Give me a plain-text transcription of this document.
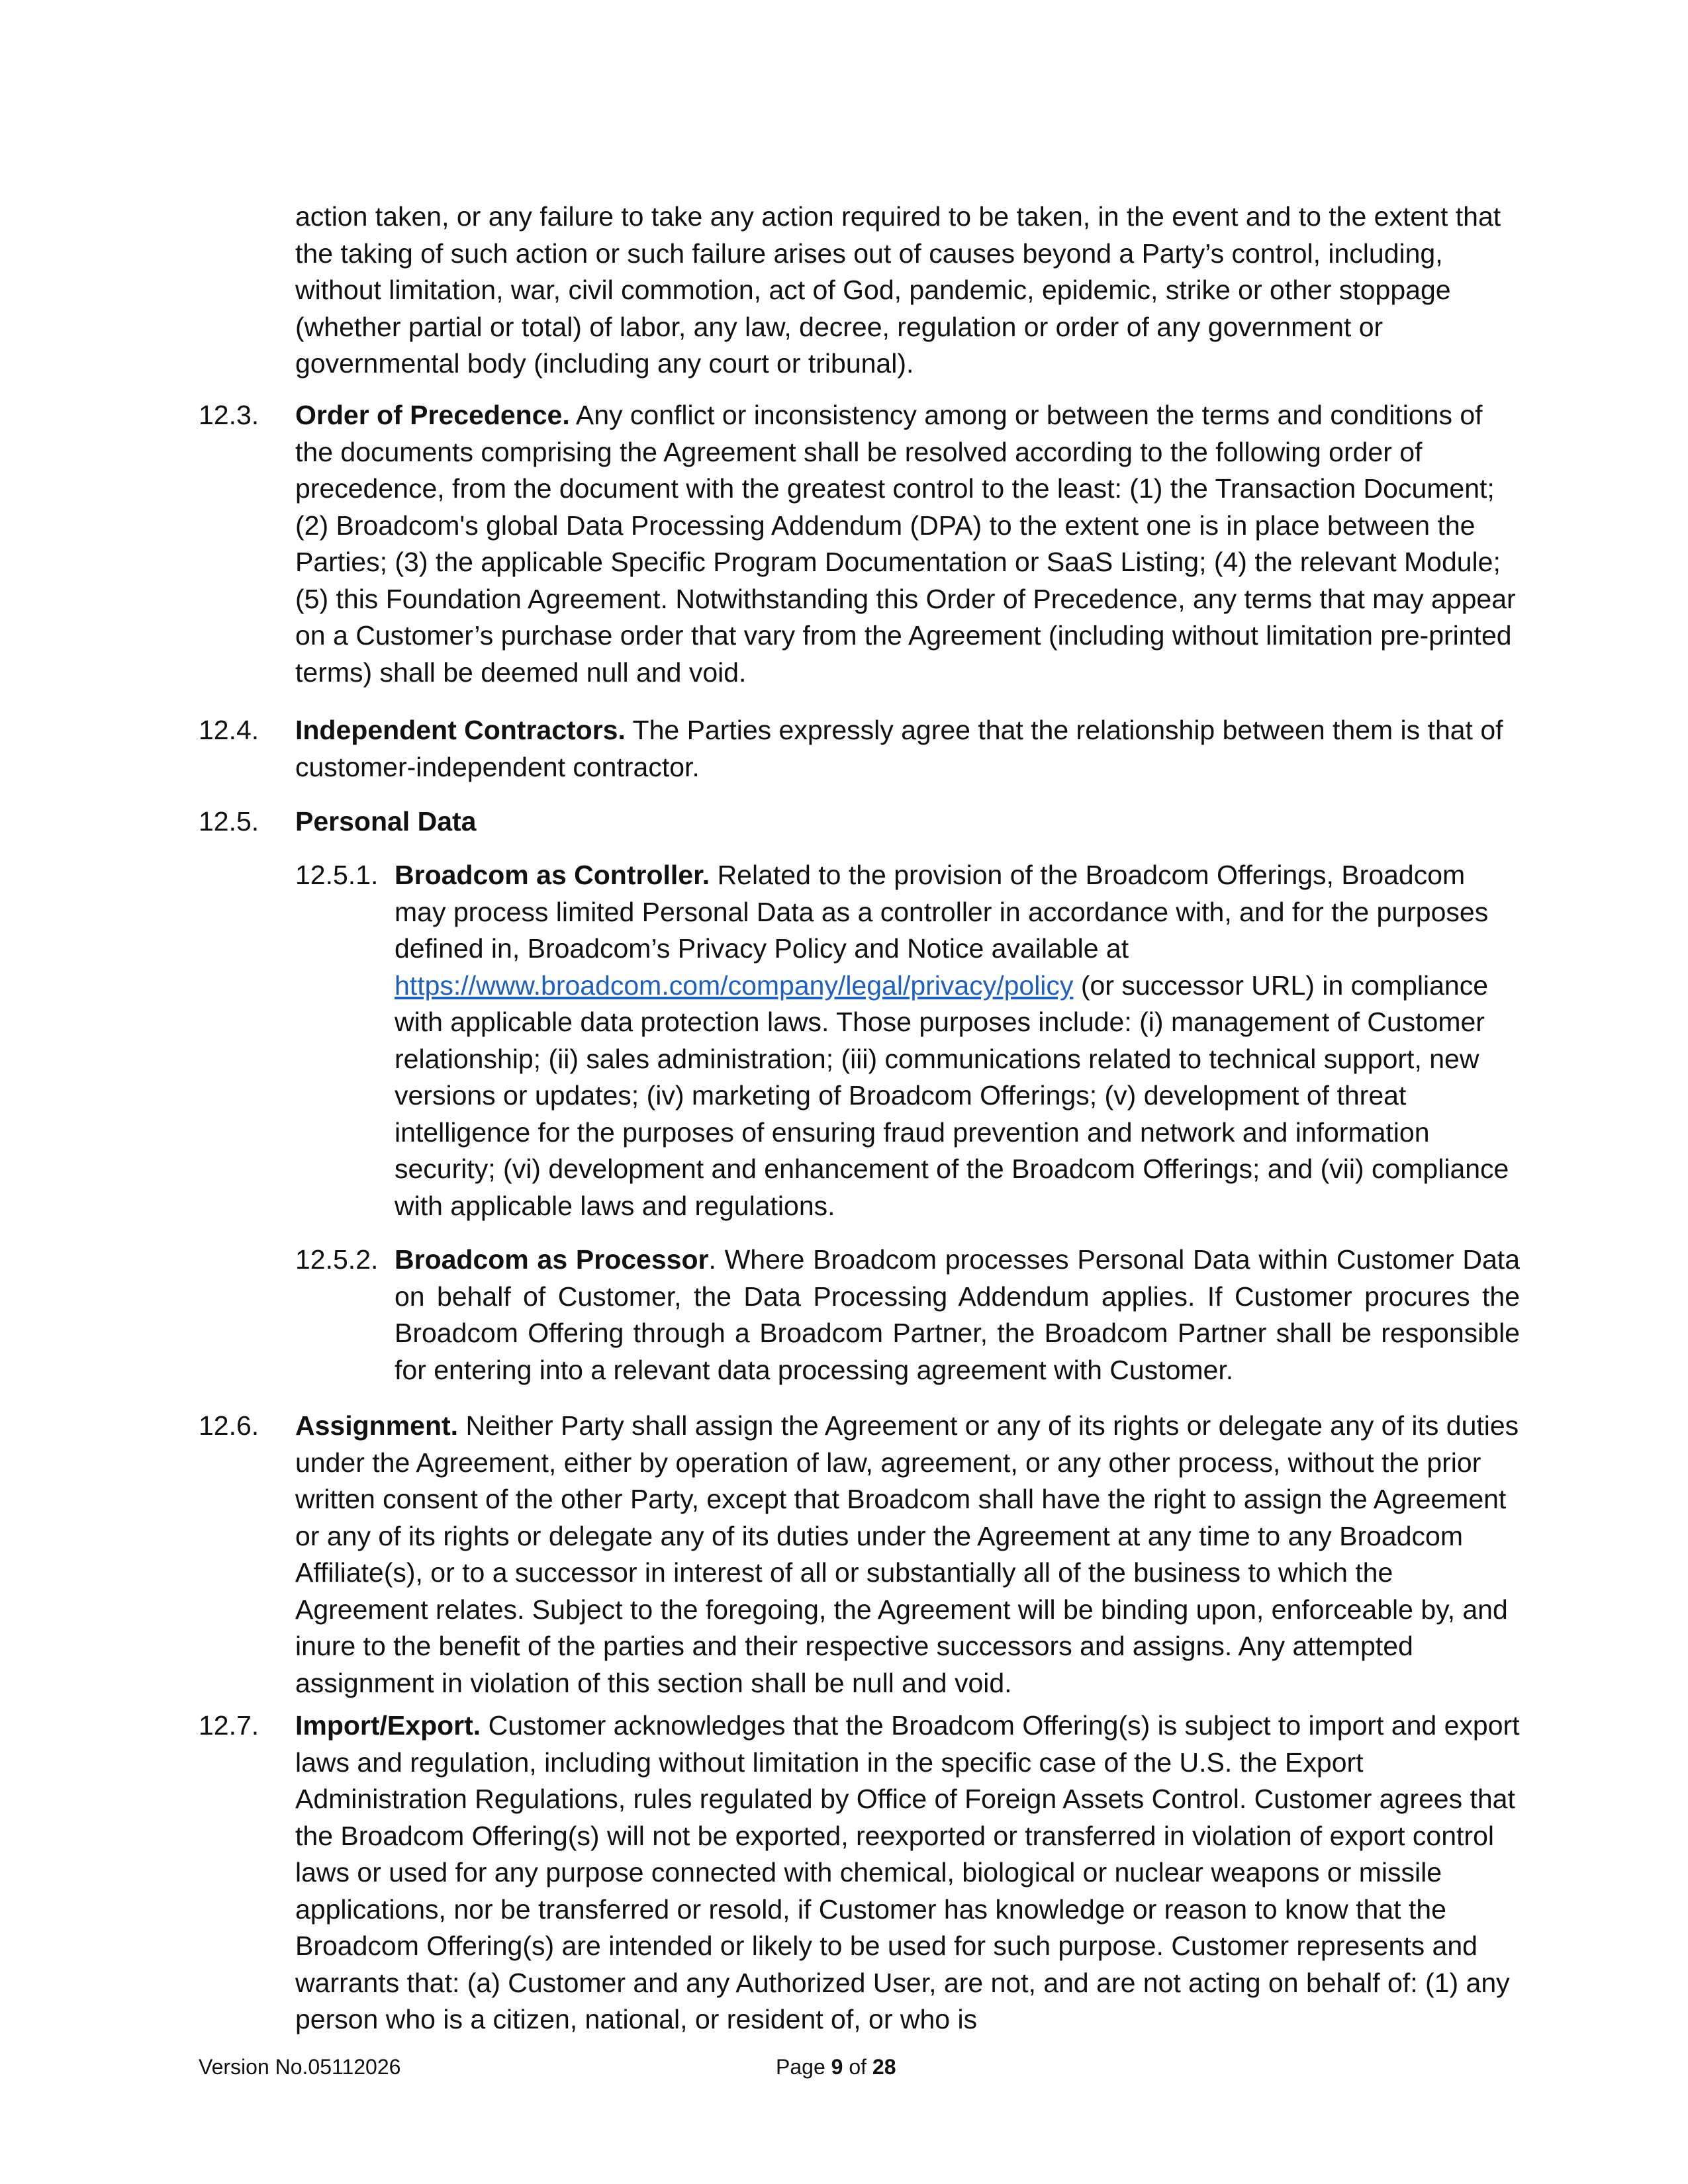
action taken, or any failure to take any action required to be taken, in the event and to the extent that the taking of such action or such failure arises out of causes beyond a Party’s control, including, without limitation, war, civil commotion, act of God, pandemic, epidemic, strike or other stoppage (whether partial or total) of labor, any law, decree, regulation or order of any government or governmental body (including any court or tribunal).

12.3. Order of Precedence. Any conflict or inconsistency among or between the terms and conditions of the documents comprising the Agreement shall be resolved according to the following order of precedence, from the document with the greatest control to the least: (1) the Transaction Document; (2) Broadcom's global Data Processing Addendum (DPA) to the extent one is in place between the Parties; (3) the applicable Specific Program Documentation or SaaS Listing; (4) the relevant Module; (5) this Foundation Agreement. Notwithstanding this Order of Precedence, any terms that may appear on a Customer’s purchase order that vary from the Agreement (including without limitation pre-printed terms) shall be deemed null and void.
12.4. Independent Contractors. The Parties expressly agree that the relationship between them is that of customer-independent contractor.
12.5. Personal Data
12.5.1. Broadcom as Controller. Related to the provision of the Broadcom Offerings, Broadcom may process limited Personal Data as a controller in accordance with, and for the purposes defined in, Broadcom’s Privacy Policy and Notice available at https://www.broadcom.com/company/legal/privacy/policy (or successor URL) in compliance with applicable data protection laws. Those purposes include: (i) management of Customer relationship; (ii) sales administration; (iii) communications related to technical support, new versions or updates; (iv) marketing of Broadcom Offerings; (v) development of threat intelligence for the purposes of ensuring fraud prevention and network and information security; (vi) development and enhancement of the Broadcom Offerings; and (vii) compliance with applicable laws and regulations.
12.5.2. Broadcom as Processor. Where Broadcom processes Personal Data within Customer Data on behalf of Customer, the Data Processing Addendum applies. If Customer procures the Broadcom Offering through a Broadcom Partner, the Broadcom Partner shall be responsible for entering into a relevant data processing agreement with Customer.
12.6. Assignment. Neither Party shall assign the Agreement or any of its rights or delegate any of its duties under the Agreement, either by operation of law, agreement, or any other process, without the prior written consent of the other Party, except that Broadcom shall have the right to assign the Agreement or any of its rights or delegate any of its duties under the Agreement at any time to any Broadcom Affiliate(s), or to a successor in interest of all or substantially all of the business to which the Agreement relates. Subject to the foregoing, the Agreement will be binding upon, enforceable by, and inure to the benefit of the parties and their respective successors and assigns. Any attempted assignment in violation of this section shall be null and void.
12.7. Import/Export. Customer acknowledges that the Broadcom Offering(s) is subject to import and export laws and regulation, including without limitation in the specific case of the U.S. the Export Administration Regulations, rules regulated by Office of Foreign Assets Control. Customer agrees that the Broadcom Offering(s) will not be exported, reexported or transferred in violation of export control laws or used for any purpose connected with chemical, biological or nuclear weapons or missile applications, nor be transferred or resold, if Customer has knowledge or reason to know that the Broadcom Offering(s) are intended or likely to be used for such purpose. Customer represents and warrants that: (a) Customer and any Authorized User, are not, and are not acting on behalf of: (1) any person who is a citizen, national, or resident of, or who is
Version No.05112026	Page 9 of 28
